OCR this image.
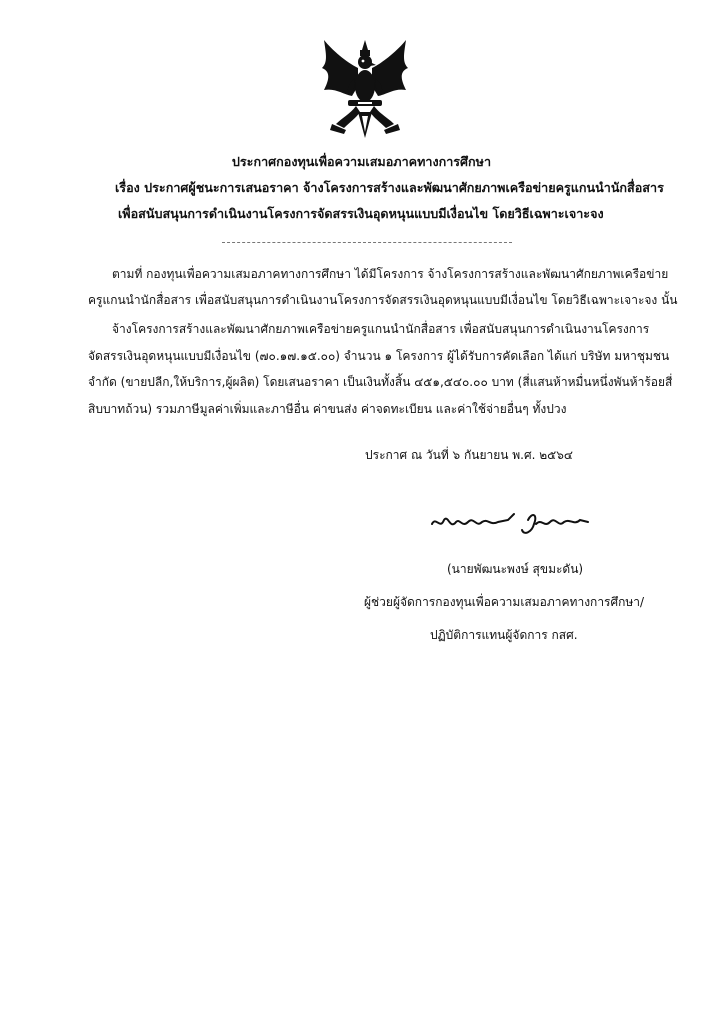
ประกาศกองทุนเพื่อความเสมอภาคทางการศึกษา
เรื่อง ประกาศผู้ชนะการเสนอราคา จ้างโครงการสร้างและพัฒนาศักยภาพเครือข่ายครูแกนนำนักสื่อสาร
เพื่อสนับสนุนการดำเนินงานโครงการจัดสรรเงินอุดหนุนแบบมีเงื่อนไข โดยวิธีเฉพาะเจาะจง
ตามที่ กองทุนเพื่อความเสมอภาคทางการศึกษา ได้มีโครงการ จ้างโครงการสร้างและพัฒนาศักยภาพเครือข่าย
ครูแกนนำนักสื่อสาร เพื่อสนับสนุนการดำเนินงานโครงการจัดสรรเงินอุดหนุนแบบมีเงื่อนไข โดยวิธีเฉพาะเจาะจง นั้น
จ้างโครงการสร้างและพัฒนาศักยภาพเครือข่ายครูแกนนำนักสื่อสาร เพื่อสนับสนุนการดำเนินงานโครงการ
จัดสรรเงินอุดหนุนแบบมีเงื่อนไข (๗๐.๑๗.๑๕.๐๐) จำนวน ๑ โครงการ ผู้ได้รับการคัดเลือก ได้แก่ บริษัท มหาชุมชน
จำกัด (ขายปลีก,ให้บริการ,ผู้ผลิต) โดยเสนอราคา เป็นเงินทั้งสิ้น ๔๕๑,๕๔๐.๐๐ บาท (สี่แสนห้าหมื่นหนึ่งพันห้าร้อยสี่
สิบบาทถ้วน) รวมภาษีมูลค่าเพิ่มและภาษีอื่น ค่าขนส่ง ค่าจดทะเบียน และค่าใช้จ่ายอื่นๆ ทั้งปวง
ประกาศ ณ วันที่ ๖ กันยายน พ.ศ. ๒๕๖๔
(นายพัฒนะพงษ์ สุขมะดัน)
ผู้ช่วยผู้จัดการกองทุนเพื่อความเสมอภาคทางการศึกษา/
ปฏิบัติการแทนผู้จัดการ กสศ.
